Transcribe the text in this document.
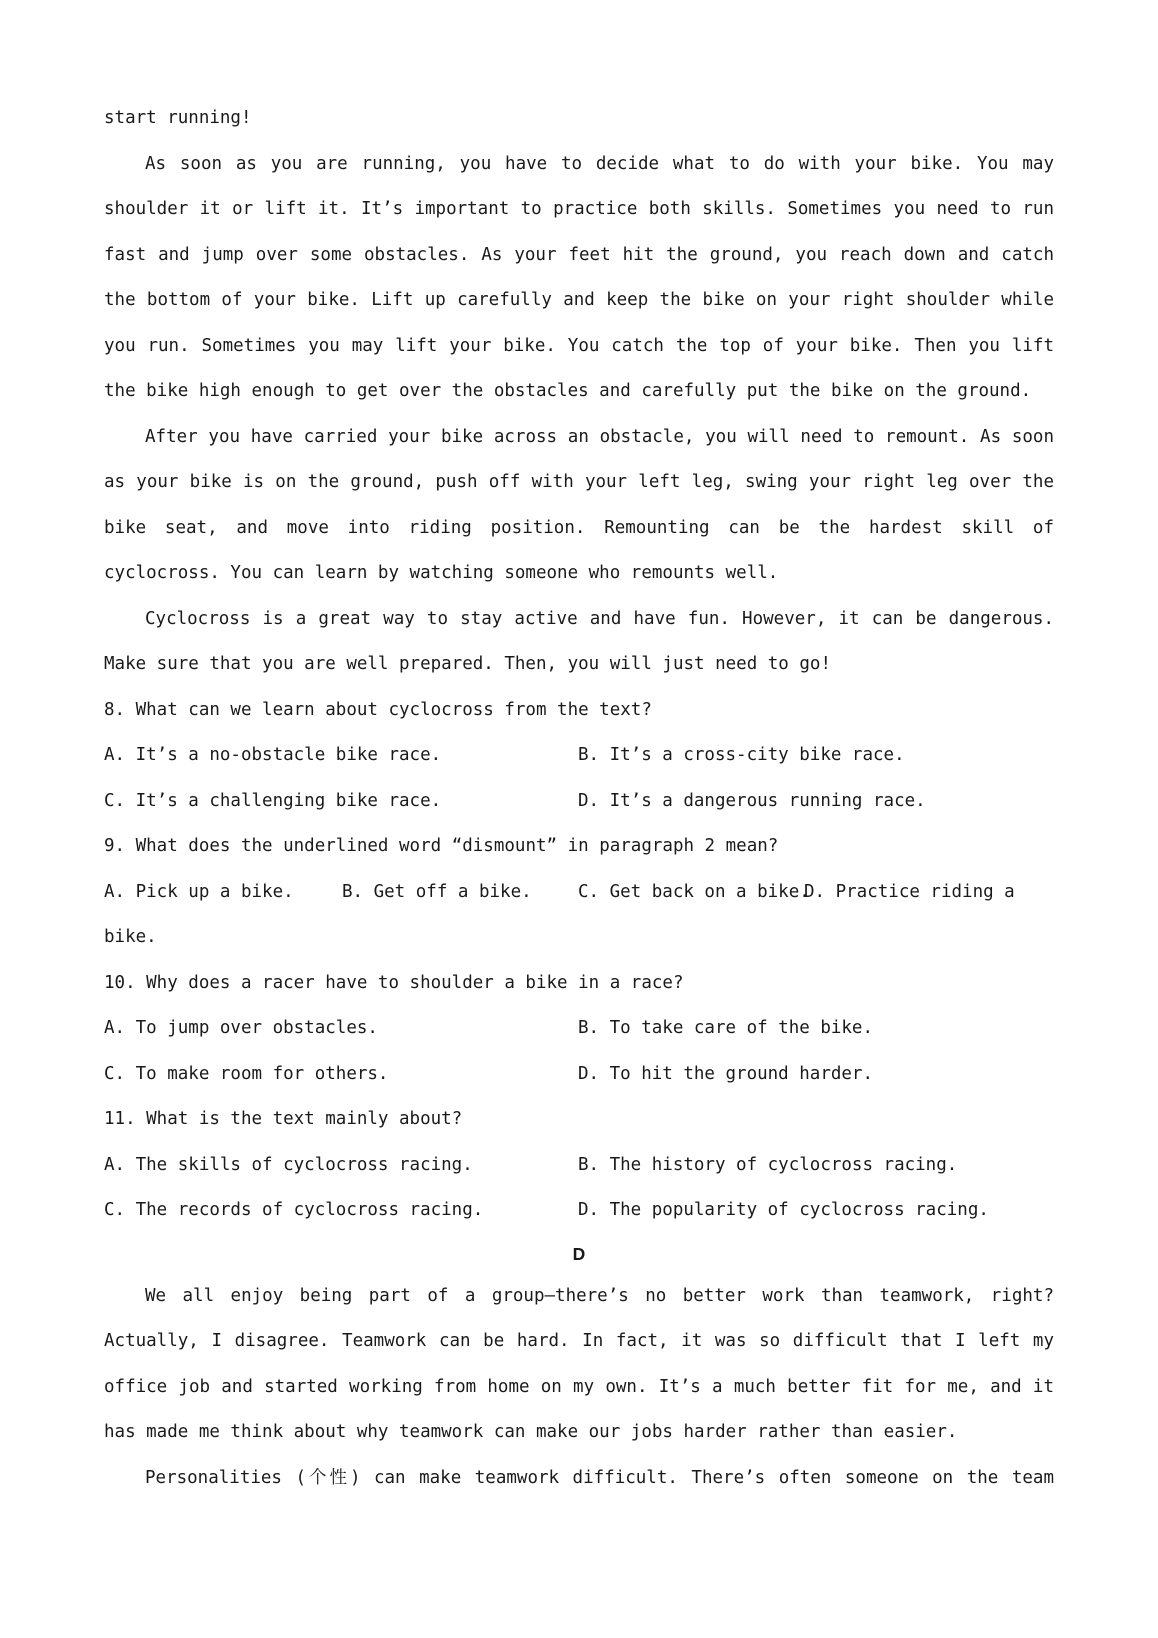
start running!

As soon as you are running, you have to decide what to do with your bike. You may shoulder it or lift it. It’s important to practice both skills. Sometimes you need to run fast and jump over some obstacles. As your feet hit the ground, you reach down and catch the bottom of your bike. Lift up carefully and keep the bike on your right shoulder while you run. Sometimes you may lift your bike. You catch the top of your bike. Then you lift the bike high enough to get over the obstacles and carefully put the bike on the ground.

After you have carried your bike across an obstacle, you will need to remount. As soon as your bike is on the ground, push off with your left leg, swing your right leg over the bike seat, and move into riding position. Remounting can be the hardest skill of cyclocross. You can learn by watching someone who remounts well.

Cyclocross is a great way to stay active and have fun. However, it can be dangerous. Make sure that you are well prepared. Then, you will just need to go!

8. What can we learn about cyclocross from the text?
A. It’s a no-obstacle bike race.	B. It’s a cross-city bike race.
C. It’s a challenging bike race.	D. It’s a dangerous running race.
9. What does the underlined word “dismount” in paragraph 2 mean?
A. Pick up a bike.	B. Get off a bike.	C. Get back on a bike.
D. Practice riding a
bike.
10. Why does a racer have to shoulder a bike in a race?
A. To jump over obstacles.	B. To take care of the bike.
C. To make room for others.	D. To hit the ground harder.
11. What is the text mainly about?
A. The skills of cyclocross racing.	B. The history of cyclocross racing.
C. The records of cyclocross racing.	D. The popularity of cyclocross racing.
D

We all enjoy being part of a group—there’s no better work than teamwork, right? Actually, I disagree. Teamwork can be hard. In fact, it was so difficult that I left my office job and started working from home on my own. It’s a much better fit for me, and it has made me think about why teamwork can make our jobs harder rather than easier.

Personalities (个性) can make teamwork difficult. There’s often someone on the team
